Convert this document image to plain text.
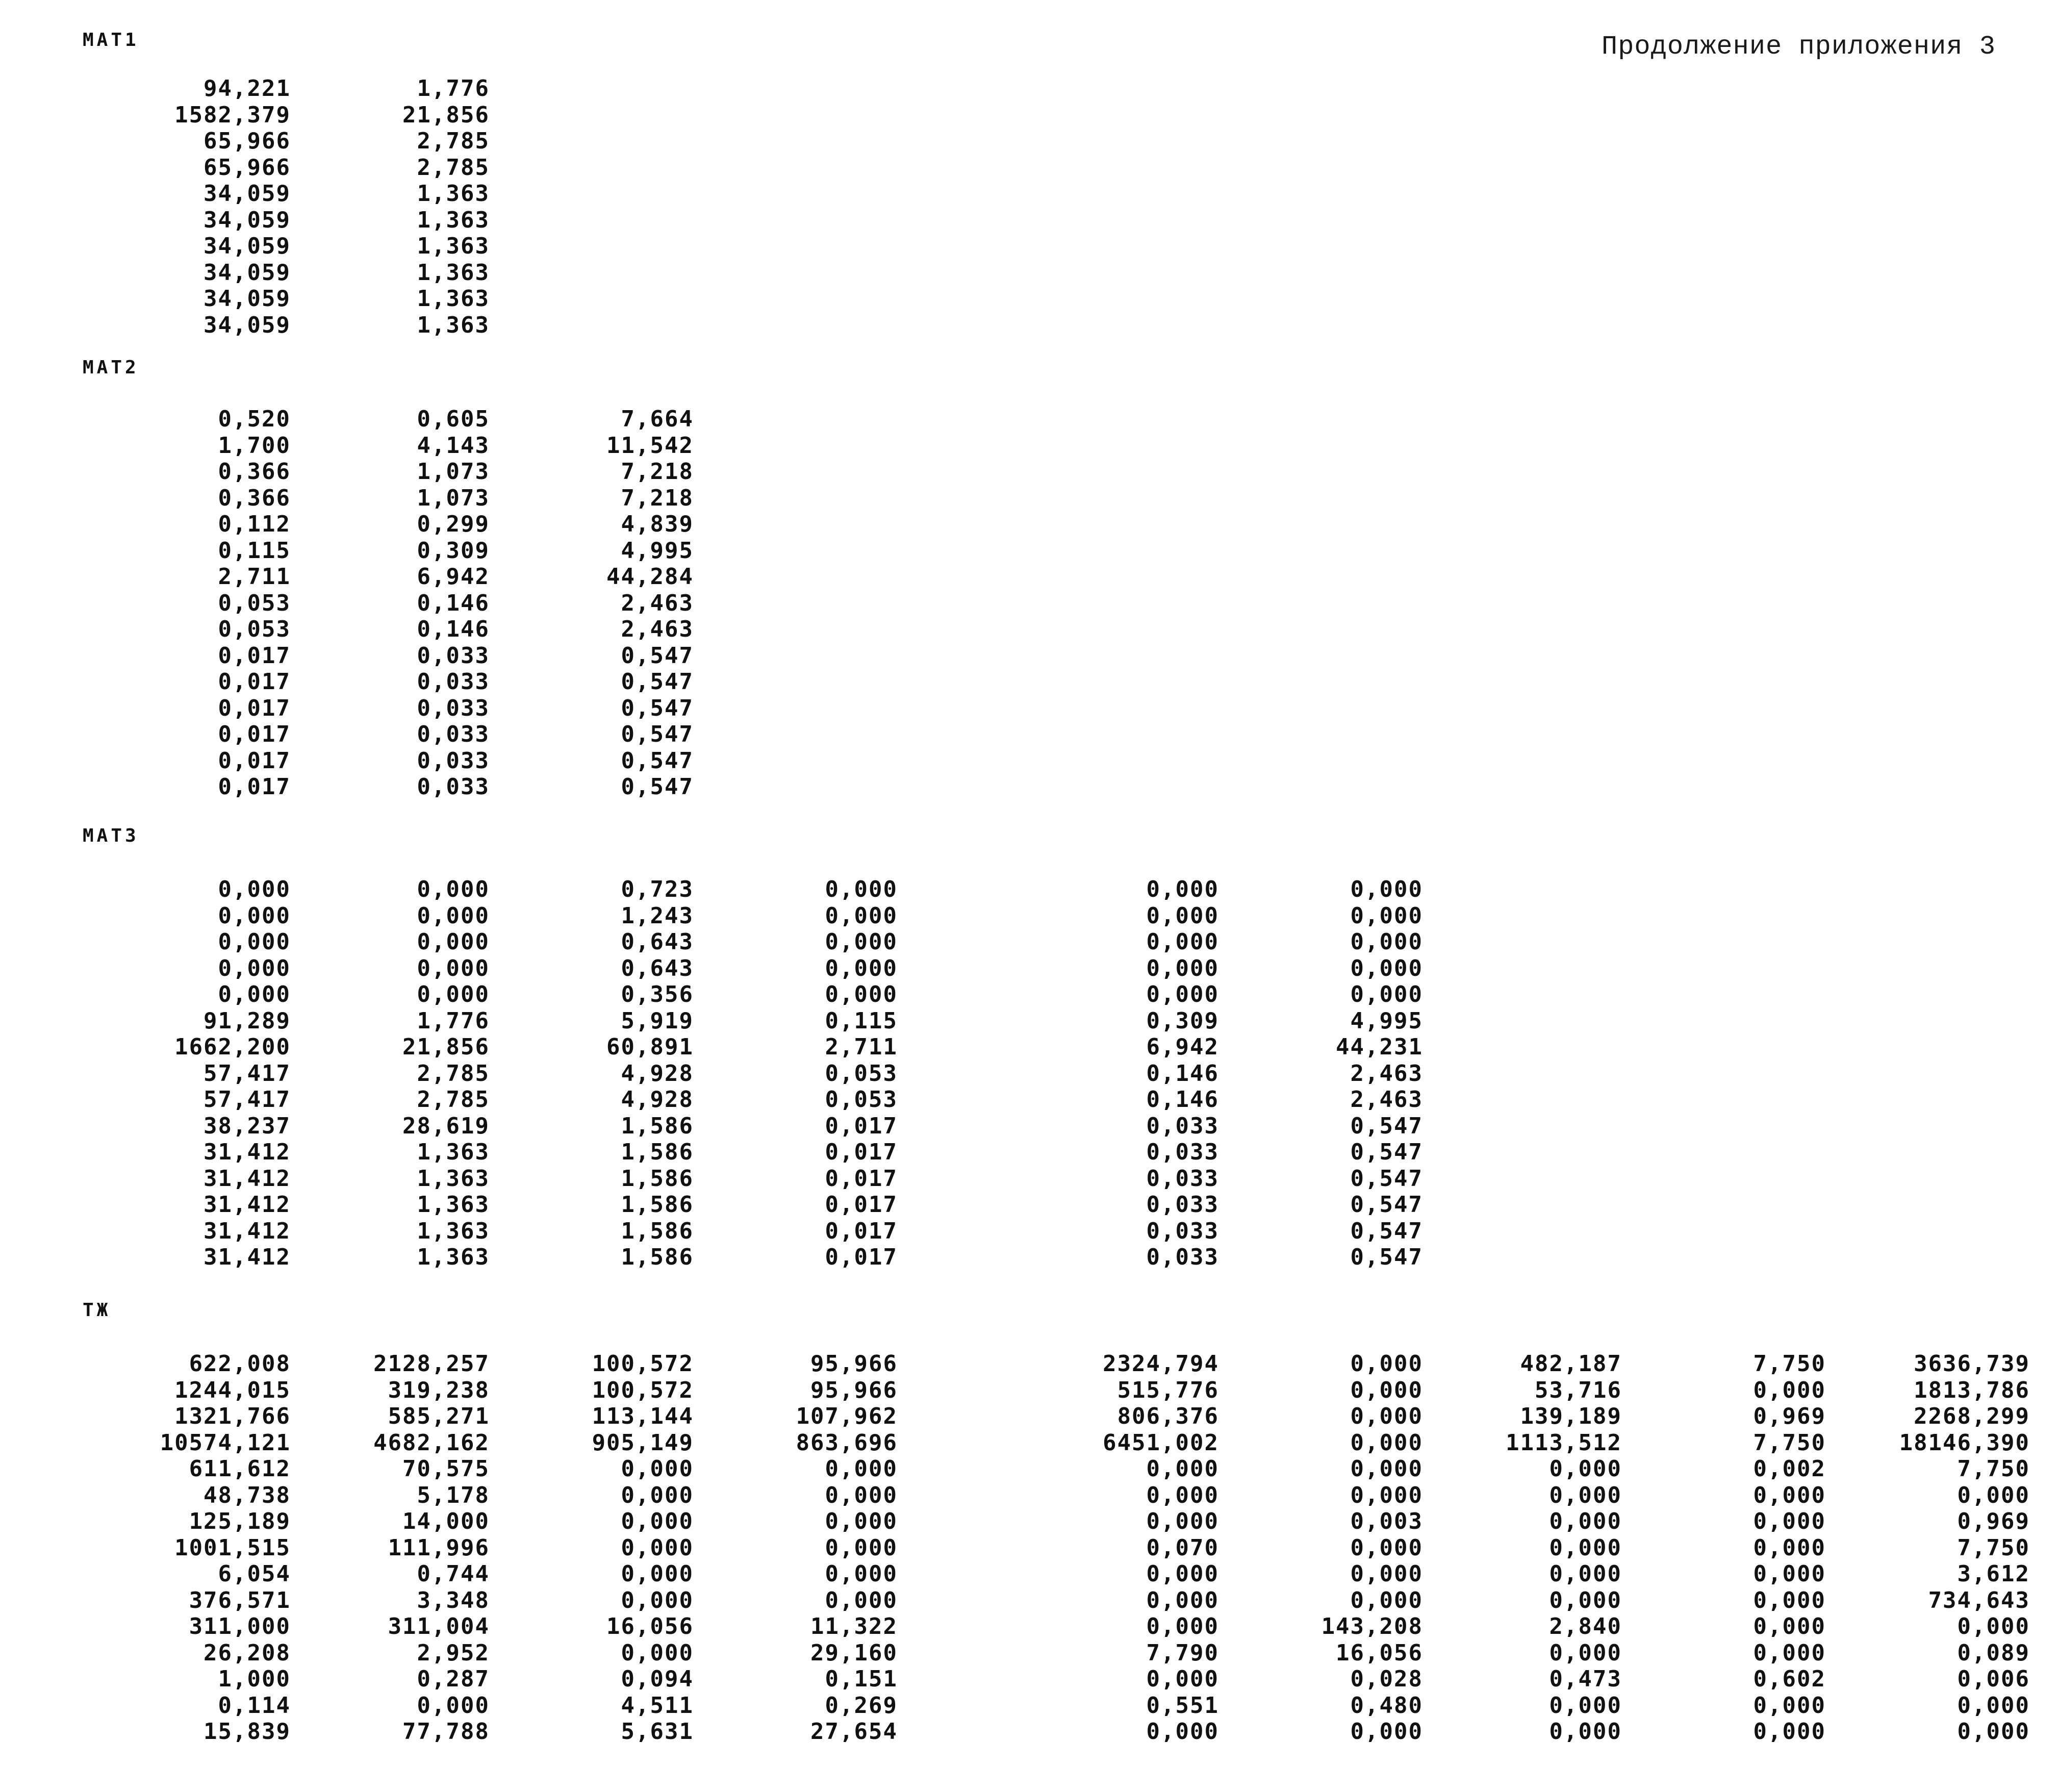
Продолжение приложения 3
MAT1
94,221	1,776
1582,379	21,856
65,966	2,785
65,966	2,785
34,059	1,363
34,059	1,363
34,059	1,363
34,059	1,363
34,059	1,363
34,059	1,363
MAT2
0,520	0,605	7,664
1,700	4,143	11,542
0,366	1,073	7,218
0,366	1,073	7,218
0,112	0,299	4,839
0,115	0,309	4,995
2,711	6,942	44,284
0,053	0,146	2,463
0,053	0,146	2,463
0,017	0,033	0,547
0,017	0,033	0,547
0,017	0,033	0,547
0,017	0,033	0,547
0,017	0,033	0,547
0,017	0,033	0,547
MAT3
0,000	0,000	0,723	0,000	0,000	0,000
0,000	0,000	1,243	0,000	0,000	0,000
0,000	0,000	0,643	0,000	0,000	0,000
0,000	0,000	0,643	0,000	0,000	0,000
0,000	0,000	0,356	0,000	0,000	0,000
91,289	1,776	5,919	0,115	0,309	4,995
1662,200	21,856	60,891	2,711	6,942	44,231
57,417	2,785	4,928	0,053	0,146	2,463
57,417	2,785	4,928	0,053	0,146	2,463
38,237	28,619	1,586	0,017	0,033	0,547
31,412	1,363	1,586	0,017	0,033	0,547
31,412	1,363	1,586	0,017	0,033	0,547
31,412	1,363	1,586	0,017	0,033	0,547
31,412	1,363	1,586	0,017	0,033	0,547
31,412	1,363	1,586	0,017	0,033	0,547
TЖ
622,008	2128,257	100,572	95,966	2324,794	0,000	482,187	7,750	3636,739
1244,015	319,238	100,572	95,966	515,776	0,000	53,716	0,000	1813,786
1321,766	585,271	113,144	107,962	806,376	0,000	139,189	0,969	2268,299
10574,121	4682,162	905,149	863,696	6451,002	0,000	1113,512	7,750	18146,390
611,612	70,575	0,000	0,000	0,000	0,000	0,000	0,002	7,750
48,738	5,178	0,000	0,000	0,000	0,000	0,000	0,000	0,000
125,189	14,000	0,000	0,000	0,000	0,003	0,000	0,000	0,969
1001,515	111,996	0,000	0,000	0,070	0,000	0,000	0,000	7,750
6,054	0,744	0,000	0,000	0,000	0,000	0,000	0,000	3,612
376,571	3,348	0,000	0,000	0,000	0,000	0,000	0,000	734,643
311,000	311,004	16,056	11,322	0,000	143,208	2,840	0,000	0,000
26,208	2,952	0,000	29,160	7,790	16,056	0,000	0,000	0,089
1,000	0,287	0,094	0,151	0,000	0,028	0,473	0,602	0,006
0,114	0,000	4,511	0,269	0,551	0,480	0,000	0,000	0,000
15,839	77,788	5,631	27,654	0,000	0,000	0,000	0,000	0,000
